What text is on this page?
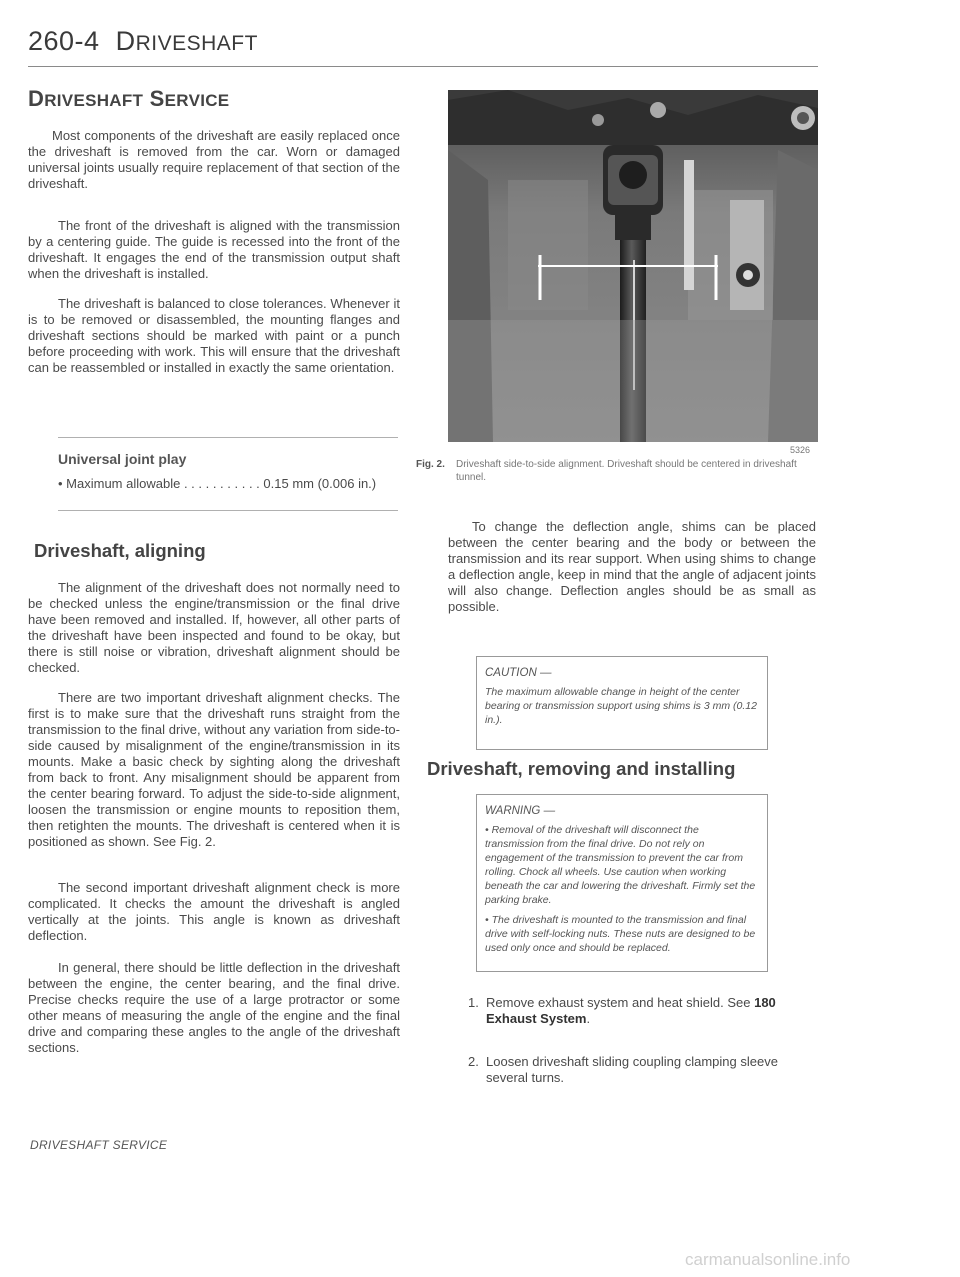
260-4 DRIVESHAFT
DRIVESHAFT SERVICE
Most components of the driveshaft are easily replaced once the driveshaft is removed from the car. Worn or damaged universal joints usually require replacement of that section of the driveshaft.
The front of the driveshaft is aligned with the transmission by a centering guide. The guide is recessed into the front of the driveshaft. It engages the end of the transmission output shaft when the driveshaft is installed.
The driveshaft is balanced to close tolerances. Whenever it is to be removed or disassembled, the mounting flanges and driveshaft sections should be marked with paint or a punch before proceeding with work. This will ensure that the driveshaft can be reassembled or installed in exactly the same orientation.
Universal joint play
• Maximum allowable . . . . . . . . . . . 0.15 mm (0.006 in.)
Driveshaft, aligning
The alignment of the driveshaft does not normally need to be checked unless the engine/transmission or the final drive have been removed and installed. If, however, all other parts of the driveshaft have been inspected and found to be okay, but there is still noise or vibration, driveshaft alignment should be checked.
There are two important driveshaft alignment checks. The first is to make sure that the driveshaft runs straight from the transmission to the final drive, without any variation from side-to-side caused by misalignment of the engine/transmission in its mounts. Make a basic check by sighting along the driveshaft from back to front. Any misalignment should be apparent from the center bearing forward. To adjust the side-to-side alignment, loosen the transmission or engine mounts to reposition them, then retighten the mounts. The driveshaft is centered when it is positioned as shown. See Fig. 2.
The second important driveshaft alignment check is more complicated. It checks the amount the driveshaft is angled vertically at the joints. This angle is known as driveshaft deflection.
In general, there should be little deflection in the driveshaft between the engine, the center bearing, and the final drive. Precise checks require the use of a large protractor or some other means of measuring the angle of the engine and the final drive and comparing these angles to the angle of the driveshaft sections.
5326
Fig. 2. Driveshaft side-to-side alignment. Driveshaft should be centered in driveshaft tunnel.
To change the deflection angle, shims can be placed between the center bearing and the body or between the transmission and its rear support. When using shims to change a deflection angle, keep in mind that the angle of adjacent joints will also change. Deflection angles should be as small as possible.
CAUTION —
The maximum allowable change in height of the center bearing or transmission support using shims is 3 mm (0.12 in.).
Driveshaft, removing and installing
WARNING —
• Removal of the driveshaft will disconnect the transmission from the final drive. Do not rely on engagement of the transmission to prevent the car from rolling. Chock all wheels. Use caution when working beneath the car and lowering the driveshaft. Firmly set the parking brake.
• The driveshaft is mounted to the transmission and final drive with self-locking nuts. These nuts are designed to be used only once and should be replaced.
1. Remove exhaust system and heat shield. See 180 Exhaust System.
2. Loosen driveshaft sliding coupling clamping sleeve several turns.
DRIVESHAFT SERVICE
carmanualsonline.info
